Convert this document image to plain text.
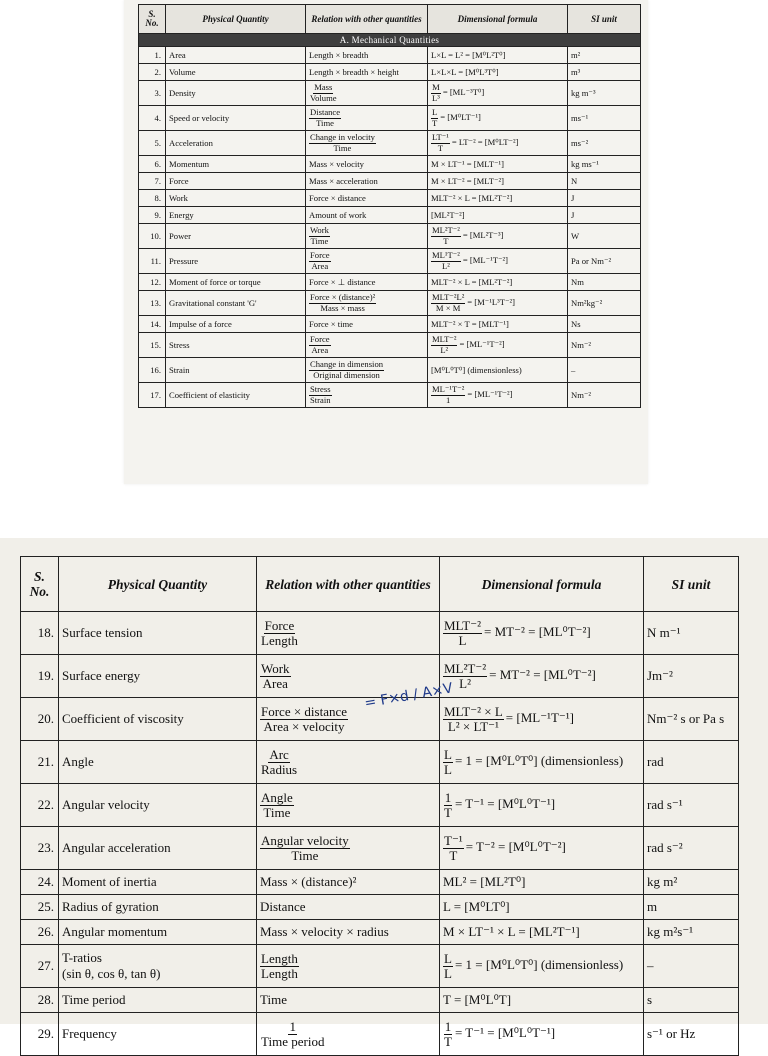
S. No.	Physical Quantity	Relation with other quantities	Dimensional formula	SI unit
A. Mechanical Quantities				
1.	Area	Length × breadth	L×L = L² = [M⁰L²T⁰]	m²
2.	Volume	Length × breadth × height	L×L×L = [M⁰L³T⁰]	m³
3.	Density	$\frac{\text{Mass}}{\text{Volume}}$	$\frac{M}{\text{L³}} = [ML^{-3}T^0]$	kg m⁻³
4.	Speed or velocity	$\frac{\text{Distance}}{\text{Time}}$	$\frac{L}{T} = [M^0LT^{-1}]$	ms⁻¹
5.	Acceleration	$\frac{\text{Change in velocity}}{\text{Time}}$	$\frac{\text{LT⁻¹}}{T} = LT^{-2} = [M^0LT^{-2}]$	ms⁻²
6.	Momentum	Mass × velocity	M × LT⁻¹ = [MLT⁻¹]	kg ms⁻¹
7.	Force	Mass × acceleration	M × LT⁻² = [MLT⁻²]	N
8.	Work	Force × distance	MLT⁻² × L = [ML²T⁻²]	J
9.	Energy	Amount of work	[ML²T⁻²]	J
10.	Power	$\frac{\text{Work}}{\text{Time}}$	$\frac{\text{ML²T⁻²}}{T} = [ML^2T^{-3}]$	W
11.	Pressure	$\frac{\text{Force}}{\text{Area}}$	$\frac{\text{ML¹T⁻²}}{\text{L²}} = [ML^{-1}T^{-2}]$	Pa or Nm⁻²
12.	Moment of force or torque	Force × ⊥ distance	MLT⁻² × L = [ML²T⁻²]	Nm
13.	Gravitational constant 'G'	$\frac{\text{Force × (distance)²}}{\text{Mass × mass}}$	$\frac{\text{MLT⁻²L²}}{M \times M} = [M^{-1}L^3T^{-2}]$	Nm²kg⁻²
14.	Impulse of a force	Force × time	MLT⁻² × T = [MLT⁻¹]	Ns
15.	Stress	$\frac{\text{Force}}{\text{Area}}$	$\frac{\text{MLT⁻²}}{\text{L²}} = [ML^{-1}T^{-2}]$	Nm⁻²
16.	Strain	$\frac{\text{Change in dimension}}{\text{Original dimension}}$	[M⁰L⁰T⁰] (dimensionless)	–
17.	Coefficient of elasticity	$\frac{\text{Stress}}{\text{Strain}}$	$\frac{\text{ML⁻¹T⁻²}}{1} = [ML^{-1}T^{-2}]$	Nm⁻²
S. No.	Physical Quantity	Relation with other quantities	Dimensional formula	SI unit
18.	Surface tension	$\frac{\text{Force}}{\text{Length}}$	$\frac{\text{MLT⁻²}}{L} = MT^{-2} = [ML^0T^{-2}]$	N m⁻¹
19.	Surface energy	$\frac{\text{Work}}{\text{Area}}$	$\frac{\text{ML²T⁻²}}{\text{L²}} = MT^{-2} = [ML^0T^{-2}]$	Jm⁻²
20.	Coefficient of viscosity	$\frac{\text{Force × distance}}{\text{Area × velocity}}$	$\frac{\text{MLT⁻² × L}}{\text{L² × LT⁻¹}} = [ML^{-1}T^{-1}]$	Nm⁻² s or Pa s
21.	Angle	$\frac{\text{Arc}}{\text{Radius}}$	$\frac{L}{L} = 1 = [M^0L^0T^0]$ (dimensionless)	rad
22.	Angular velocity	$\frac{\text{Angle}}{\text{Time}}$	$\frac{1}{T} = T^{-1} = [M^0L^0T^{-1}]$	rad s⁻¹
23.	Angular acceleration	$\frac{\text{Angular velocity}}{\text{Time}}$	$\frac{\text{T⁻¹}}{T} = T^{-2} = [M^0L^0T^{-2}]$	rad s⁻²
24.	Moment of inertia	Mass × (distance)²	ML² = [ML²T⁰]	kg m²
25.	Radius of gyration	Distance	L = [M⁰LT⁰]	m
26.	Angular momentum	Mass × velocity × radius	M × LT⁻¹ × L = [ML²T⁻¹]	kg m²s⁻¹
27.	T-ratios
(sin θ, cos θ, tan θ)	$\frac{\text{Length}}{\text{Length}}$	$\frac{L}{L} = 1 = [M^0L^0T^0]$ (dimensionless)	–
28.	Time period	Time	T = [M⁰L⁰T]	s
29.	Frequency	$\frac{1}{\text{Time period}}$	$\frac{1}{T} = T^{-1} = [M^0L^0T^{-1}]$	s⁻¹ or Hz
= F×d / A×V
